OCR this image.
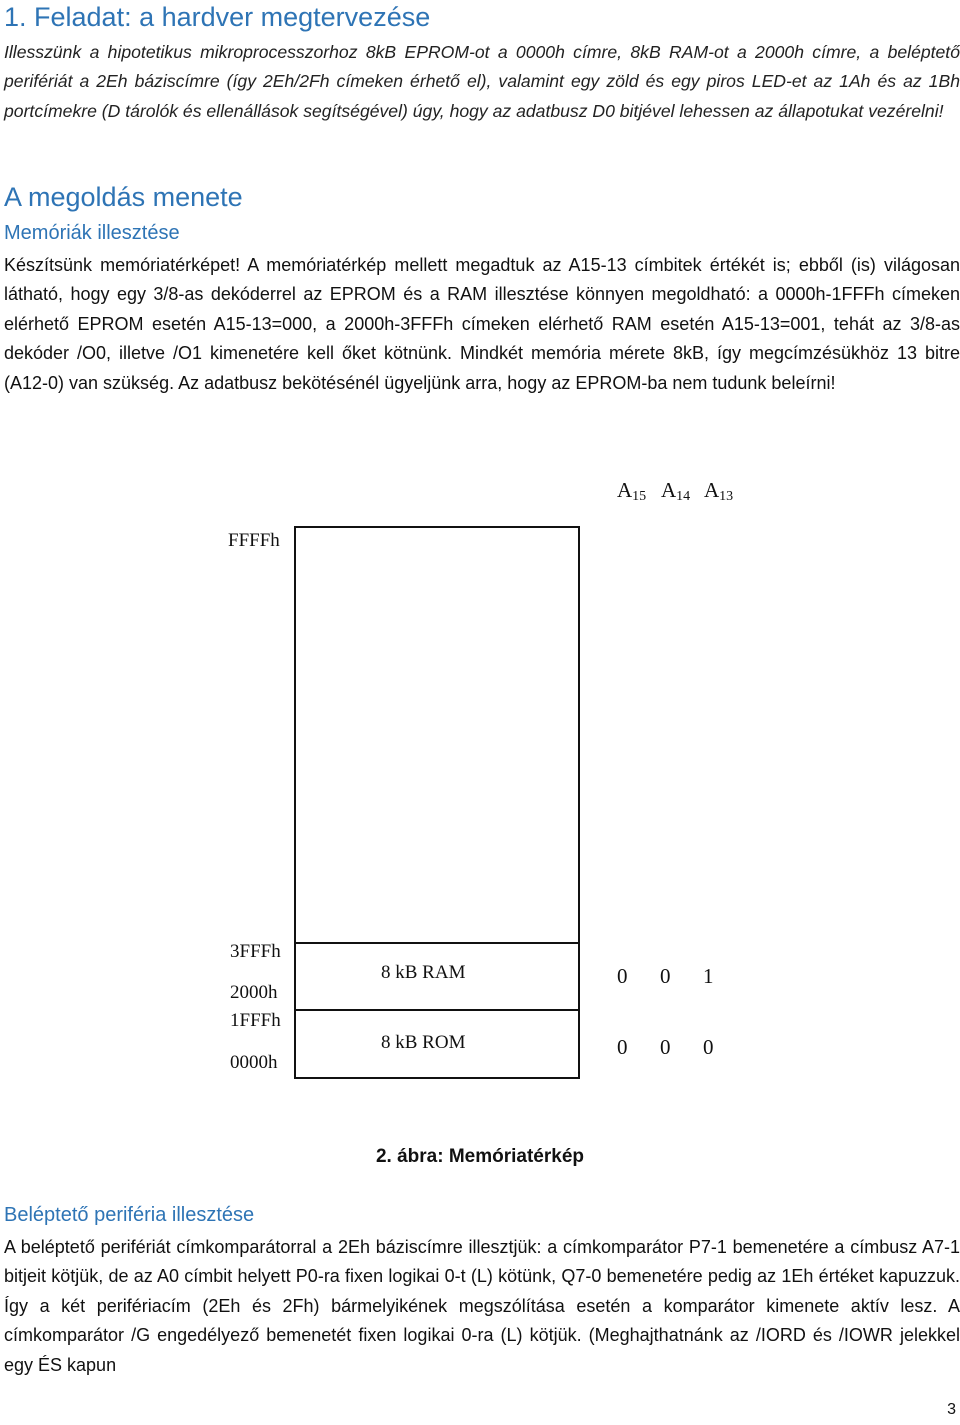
1. Feladat: a hardver megtervezése
Illesszünk a hipotetikus mikroprocesszorhoz 8kB EPROM-ot a 0000h címre, 8kB RAM-ot a 2000h címre, a beléptető perifériát a 2Eh báziscímre (így 2Eh/2Fh címeken érhető el), valamint egy zöld és egy piros LED-et az 1Ah és az 1Bh portcímekre (D tárolók és ellenállások segítségével) úgy, hogy az adatbusz D0 bitjével lehessen az állapotukat vezérelni!
A megoldás menete
Memóriák illesztése
Készítsünk memóriatérképet! A memóriatérkép mellett megadtuk az A15-13 címbitek értékét is; ebből (is) világosan látható, hogy egy 3/8-as dekóderrel az EPROM és a RAM illesztése könnyen megoldható: a 0000h-1FFFh címeken elérhető EPROM esetén A15-13=000, a 2000h-3FFFh címeken elérhető RAM esetén A15-13=001, tehát az 3/8-as dekóder /O0, illetve /O1 kimenetére kell őket kötnünk. Mindkét memória mérete 8kB, így megcímzésükhöz 13 bitre (A12-0) van szükség. Az adatbusz bekötésénél ügyeljünk arra, hogy az EPROM-ba nem tudunk beleírni!
A15 A14 A13
FFFFh
3FFFh
2000h
1FFFh
0000h
8 kB RAM
8 kB ROM
0 0 1
0 0 0
2. ábra: Memóriatérkép
Beléptető periféria illesztése
A beléptető perifériát címkomparátorral a 2Eh báziscímre illesztjük: a címkomparátor P7-1 bemenetére a címbusz A7-1 bitjeit kötjük, de az A0 címbit helyett P0-ra fixen logikai 0-t (L) kötünk, Q7-0 bemenetére pedig az 1Eh értéket kapuzzuk. Így a két perifériacím (2Eh és 2Fh) bármelyikének megszólítása esetén a komparátor kimenete aktív lesz. A címkomparátor /G engedélyező bemenetét fixen logikai 0-ra (L) kötjük. (Meghajthatnánk az /IORD és /IOWR jelekkel egy ÉS kapun
3
